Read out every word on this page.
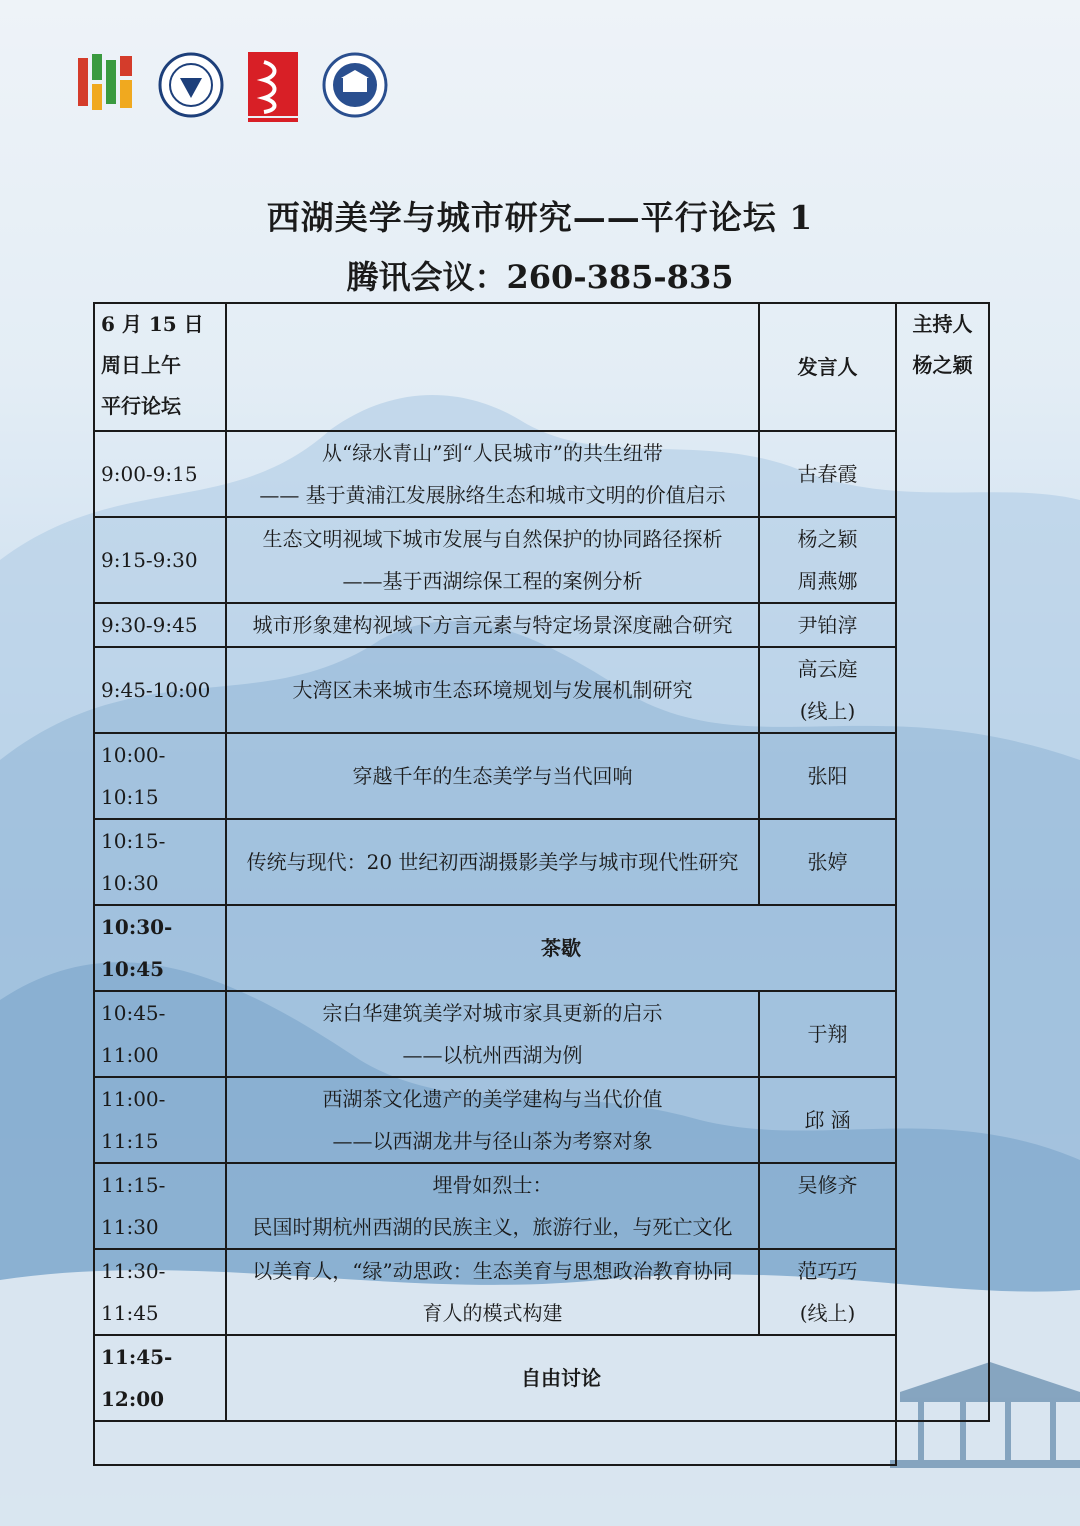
西湖美学与城市研究——平行论坛 1
腾讯会议：260-385-835
6 月 15 日
周日上午
平行论坛		发言人	主持人
杨之颖

9:00-9:15	从“绿水青山”到“人民城市”的共生纽带
—— 基于黄浦江发展脉络生态和城市文明的价值启示	古春霞	
9:15-9:30	生态文明视域下城市发展与自然保护的协同路径探析
——基于西湖综保工程的案例分析	杨之颖
周燕娜	

9:30-9:45	城市形象建构视域下方言元素与特定场景深度融合研究	尹铂淳	
9:45-10:00	大湾区未来城市生态环境规划与发展机制研究	高云庭
(线上)	

10:00-10:15	穿越千年的生态美学与当代回响	张阳	
10:15-10:30	传统与现代：20 世纪初西湖摄影美学与城市现代性研究	张婷	
10:30-10:45	茶歇		
10:45-11:00	宗白华建筑美学对城市家具更新的启示
——以杭州西湖为例	于翔	
11:00-11:15	西湖茶文化遗产的美学建构与当代价值
——以西湖龙井与径山茶为考察对象	邱 涵	
11:15-11:30	埋骨如烈士：
民国时期杭州西湖的民族主义，旅游行业，与死亡文化	吴修齐	

11:30-11:45	以美育人，“绿”动思政：生态美育与思想政治教育协同
育人的模式构建	范巧巧
(线上)	

11:45-12:00	自由讨论		
